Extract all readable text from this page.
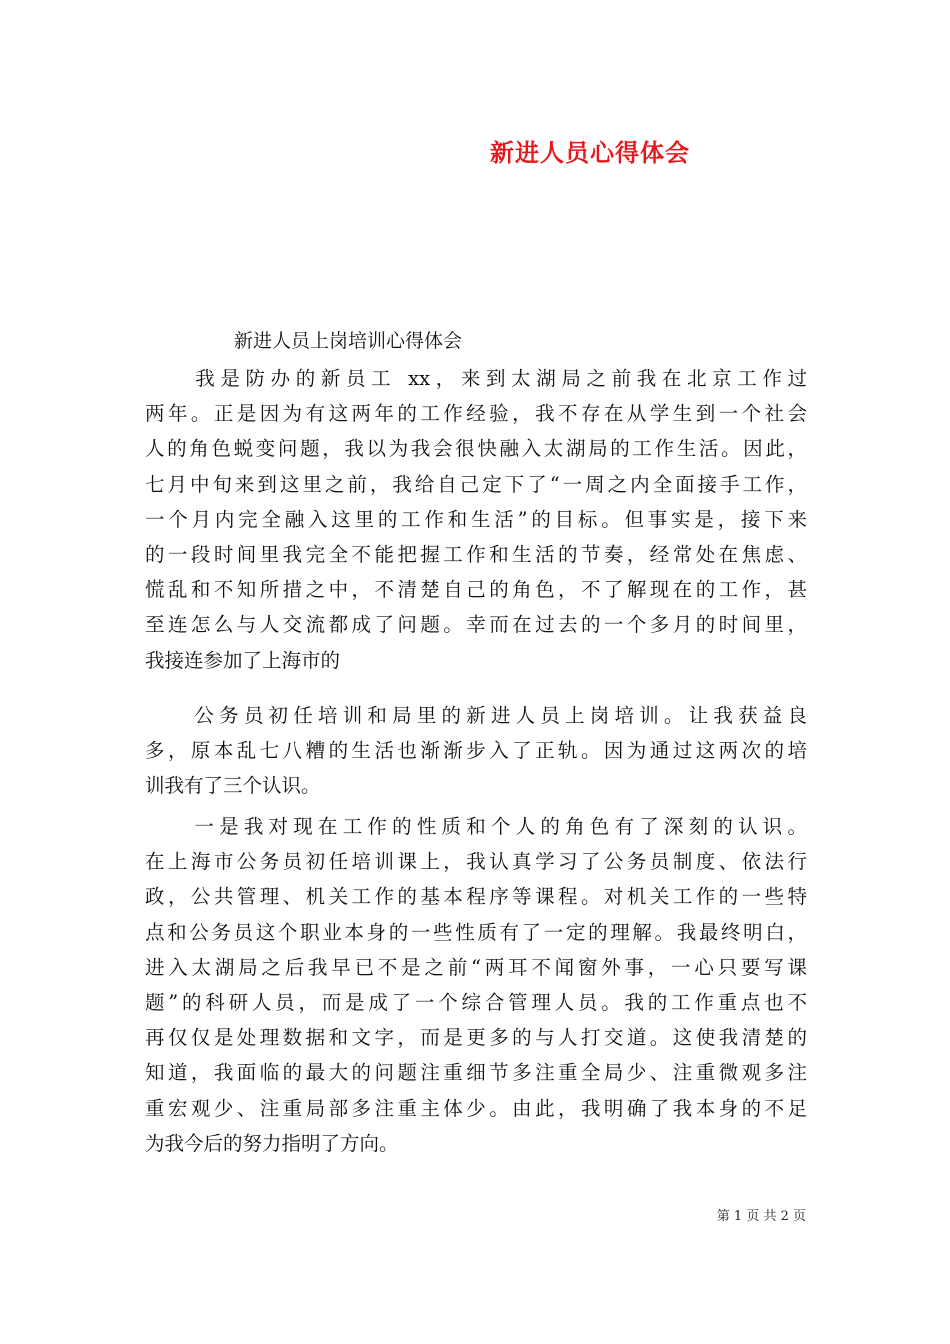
新进人员心得体会
新进人员上岗培训心得体会
　　我是防办的新员工 xx，来到太湖局之前我在北京工作过
两年。正是因为有这两年的工作经验，我不存在从学生到一个社会
人的角色蜕变问题，我以为我会很快融入太湖局的工作生活。因此，
七月中旬来到这里之前，我给自己定下了“一周之内全面接手工作，
一个月内完全融入这里的工作和生活”的目标。但事实是，接下来
的一段时间里我完全不能把握工作和生活的节奏，经常处在焦虑、
慌乱和不知所措之中，不清楚自己的角色，不了解现在的工作，甚
至连怎么与人交流都成了问题。幸而在过去的一个多月的时间里，
我接连参加了上海市的
　　公务员初任培训和局里的新进人员上岗培训。让我获益良
多，原本乱七八糟的生活也渐渐步入了正轨。因为通过这两次的培
训我有了三个认识。
　　一是我对现在工作的性质和个人的角色有了深刻的认识。
在上海市公务员初任培训课上，我认真学习了公务员制度、依法行
政，公共管理、机关工作的基本程序等课程。对机关工作的一些特
点和公务员这个职业本身的一些性质有了一定的理解。我最终明白，
进入太湖局之后我早已不是之前“两耳不闻窗外事，一心只要写课
题”的科研人员，而是成了一个综合管理人员。我的工作重点也不
再仅仅是处理数据和文字，而是更多的与人打交道。这使我清楚的
知道，我面临的最大的问题注重细节多注重全局少、注重微观多注
重宏观少、注重局部多注重主体少。由此，我明确了我本身的不足
为我今后的努力指明了方向。
第 1 页 共 2 页
